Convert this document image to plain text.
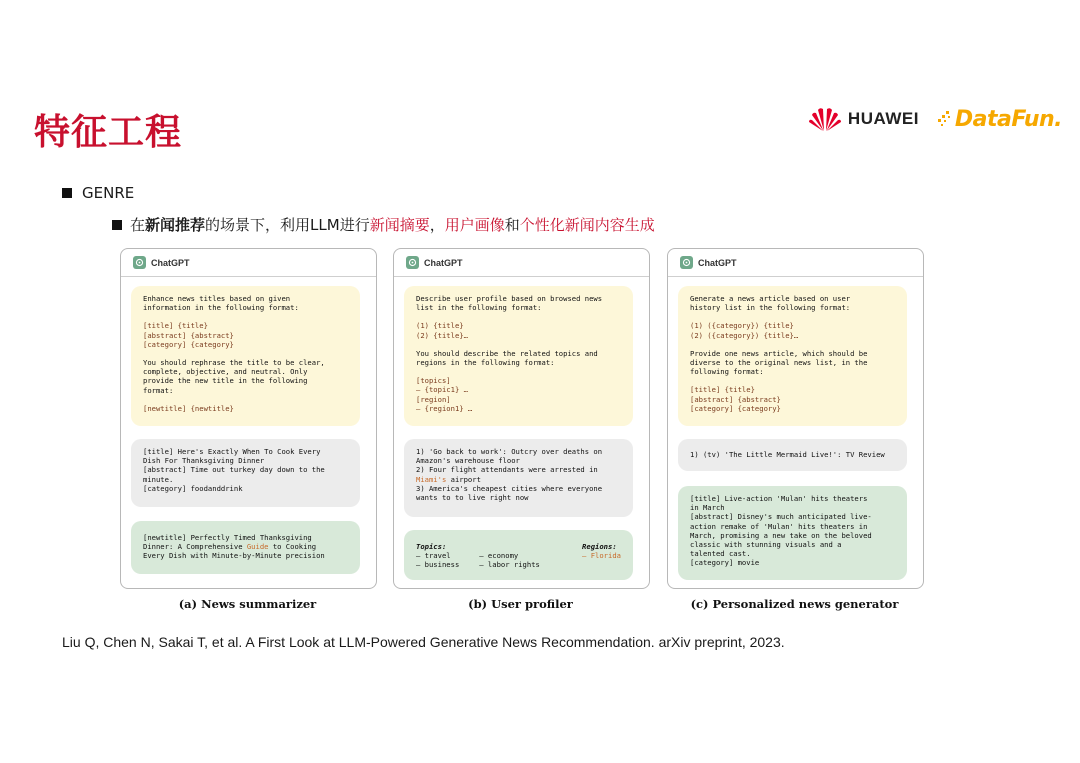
特征工程	HUAWEI DataFun.
GENRE
在新闻推荐的场景下，利用LLM进行新闻摘要，用户画像和个性化新闻内容生成
ChatGPT

Enhance news titles based on given
information in the following format:

[title] {title}
[abstract] {abstract}
[category] {category}

You should rephrase the title to be clear,
complete, objective, and neutral. Only
provide the new title in the following
format:

[newtitle] {newtitle}

[title] Here's Exactly When To Cook Every
Dish For Thanksgiving Dinner
[abstract] Time out turkey day down to the
minute.
[category] foodanddrink

[newtitle] Perfectly Timed Thanksgiving
Dinner: A Comprehensive Guide to Cooking
Every Dish with Minute-by-Minute precision

ChatGPT

Describe user profile based on browsed news
list in the following format:

(1) {title}
(2) {title}…

You should describe the related topics and
regions in the following format:

[topics]
– {topic1} …
[region]
– {region1} …

1) 'Go back to work': Outcry over deaths on
Amazon's warehouse floor
2) Four flight attendants were arrested in
Miami's airport
3) America's cheapest cities where everyone
wants to to live right now

Topics:

– travel
– business

– economy
– labor rights

Regions:

– Florida

ChatGPT

Generate a news article based on user
history list in the following format:

(1) ({category}) {title}
(2) ({category}) {title}…

Provide one news article, which should be
diverse to the original news list, in the
following format:

[title] {title}
[abstract] {abstract}
[category] {category}

1) (tv) 'The Little Mermaid Live!': TV Review

[title] Live-action 'Mulan' hits theaters
in March
[abstract] Disney's much anticipated live-
action remake of 'Mulan' hits theaters in
March, promising a new take on the beloved
classic with stunning visuals and a
talented cast.
[category] movie

(a) News summarizer	(b) User profiler	(c) Personalized news generator
Liu Q, Chen N, Sakai T, et al. A First Look at LLM-Powered Generative News Recommendation. arXiv preprint, 2023.
